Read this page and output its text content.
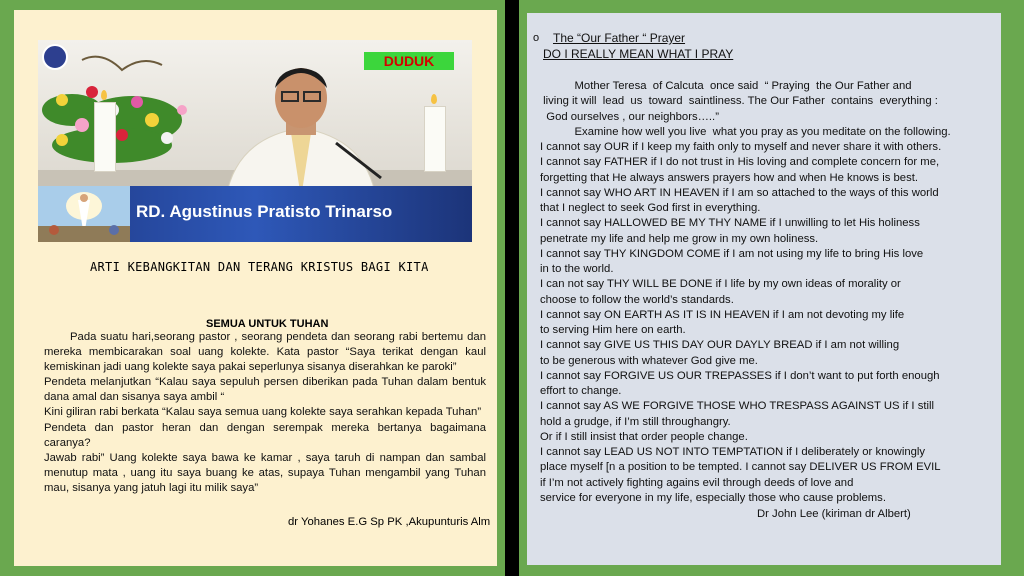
DUDUK
RD. Agustinus Pratisto Trinarso
ARTI KEBANGKITAN DAN TERANG KRISTUS BAGI KITA
SEMUA UNTUK TUHAN

Pada suatu hari,seorang pastor , seorang pendeta dan seorang rabi bertemu dan mereka membicarakan soal uang kolekte. Kata pastor “Saya terikat dengan kaul kemiskinan jadi uang kolekte saya pakai seperlunya sisanya diserahkan ke paroki”

Pendeta melanjutkan “Kalau saya sepuluh persen diberikan pada Tuhan dalam bentuk dana amal dan sisanya saya ambil “

Kini giliran rabi berkata “Kalau saya semua uang kolekte saya serahkan kepada Tuhan”

Pendeta dan pastor heran dan dengan serempak mereka bertanya bagaimana caranya?

Jawab rabi” Uang kolekte saya bawa ke kamar , saya taruh di nampan dan sambal menutup mata , uang itu saya buang ke atas, supaya Tuhan mengambil yang Tuhan mau, sisanya yang jatuh lagi itu milik saya”

dr Yohanes E.G Sp PK ,Akupunturis Alm
o The “Our Father “ Prayer
DO I REALLY MEAN WHAT I PRAY

Mother Teresa  of Calcuta  once said  “ Praying  the Our Father and

living it will  lead  us  toward  saintliness. The Our Father  contains  everything :

God ourselves , our neighbors…..”

Examine how well you live  what you pray as you meditate on the following.

I cannot say OUR if I keep my faith only to myself and never share it with others.

I cannot say FATHER if I do not trust in His loving and complete concern for me,

forgetting that He always answers prayers how and when He knows is best.

I cannot say WHO ART IN HEAVEN if I am so attached to the ways of this world

that I neglect to seek God first in everything.

I cannot say HALLOWED BE MY THY NAME if I unwilling to let His holiness

penetrate my life and help me grow in my own holiness.

I cannot say THY KINGDOM COME if I am not using my life to bring His love

in to the world.

I can not say THY WILL BE DONE if I life by my own ideas of morality or

choose to follow the world’s standards.

I cannot say ON EARTH AS IT IS IN HEAVEN if I am not devoting my life

to serving Him here on earth.

I cannot say GIVE US THIS DAY OUR DAYLY BREAD if I am not willing

to be generous with whatever God give me.

I cannot say FORGIVE US OUR TREPASSES if I don’t want to put forth enough

effort to change.

I cannot say AS WE FORGIVE THOSE WHO TRESPASS AGAINST US if I still

hold a grudge, if I’m still throughangry.

Or if I still insist that order people change.

I cannot say LEAD US NOT INTO TEMPTATION if I deliberately or knowingly

place myself [n a position to be tempted. I cannot say DELIVER US FROM EVIL

if I’m not actively fighting agains evil through deeds of love and

service for everyone in my life, especially those who cause problems.

Dr John Lee (kiriman dr Albert)
